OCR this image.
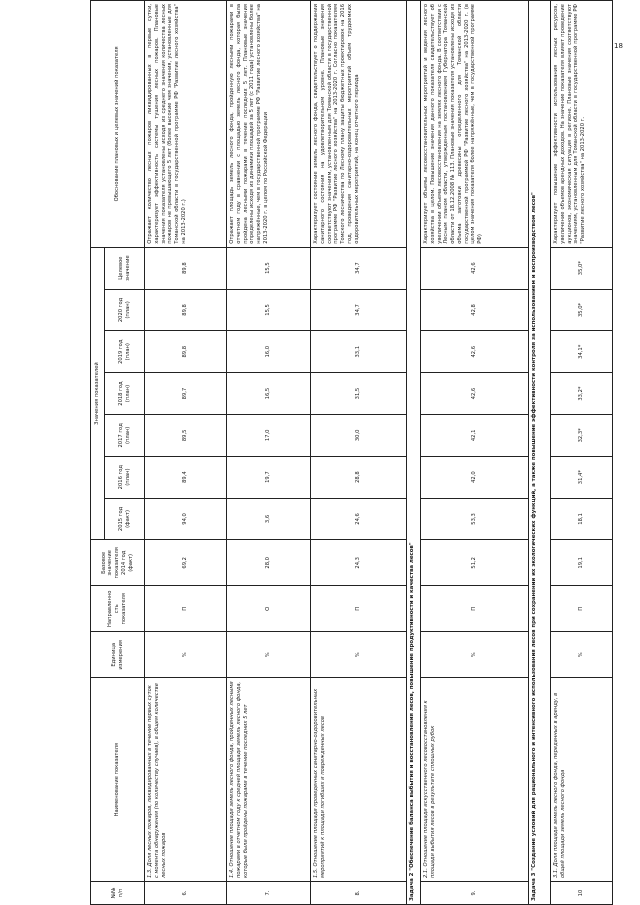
18
№№ п/п	Наименование показателя	Единица измерения	Направленность показателя	Базовое значение показателя 2014 год (факт)	Значения показателей							Обоснование плановых и целевых значений показателя
					2015 год (факт)	2016 год (план)	2017 год (план)	2018 год (план)	2019 год (план)	2020 год (план)	Целевое значение	
6.	1.3. Доля лесных пожаров, ликвидированных в течение первых суток с момента обнаружения (по количеству случаев), в общем количестве лесных пожаров	%	П	69,2	94,0	89,4	89,5	89,7	89,8	89,8	89,8	Отражает количество лесных пожаров ликвидированных в первые сутки, характеризует эффективность системы тушения лесных пожаров. Плановые значения показателя установлены исходя из среднего значения количества лесных пожаров не превышающего 5 лет (более высокие чем значения, установленные для Томанской области в государственной программе РФ "Развитие лесного хозяйства" на 2013-2020 г.)
7.	1.4. Отношение площади земель лесного фонда, пройденных лесными пожарами в отчетном году к средней площади земель лесного фонда, которые были пройдены пожарами в течение последних 5 лет	%	О	28,0	3,6	19,7	17,0	16,5	16,0	15,5	15,5	Отражает площадь земель лесного фонда, пройденную лесными пожарами в отчетном году в сравнении с площадью земель лесного фонда, которая была пройдена лесными пожарами в течение последних 5 лет. Плановые значения определены исходя из динамики площадей за 5 лет (с 2011 года) установлены более напряжённые, чем в государственной программе РФ "Развитие лесного хозяйства" на 2013-2020 г. в целом по Российской Федерации
8.	1.5. Отношение площади проведенных санитарно-оздоровительных мероприятий к площади погибших и поврежденных лесов	%	П	24,3	24,6	28,8	30,0	31,5	33,1	34,7	34,7	Характеризует состояние земель лесного фонда, свидетельствует о поддержании санитарного состояния на удовлетворительном уровне. Плановые значения соответствуют значениям, установленным для Томанской области в государственной программе РФ "Развитие лесного хозяйства" на 2013-2020 г. Согласно показателям Томского лесничества по Лесному плану защиты бюджетных проектировок на 2016 год, проведения санитарно-оздоровительных мероприятий объем трудоемких оздоровительных мероприятий, на конец отчетного периода
Задача 2 "Обеспечение баланса выбытия и восстановления лесов, повышение продуктивности и качества лесов"												
9.	2.1. Отношение площади искусственного лесовосстановления к площади выбытия лесов в результате сплошных рубок	%	П	51,2	53,3	42,0	42,1	42,6	42,6	42,8	42,6	Характеризует объемы лесовосстановительных мероприятий и ведения лесного хозяйства в целом. Повышение значения данного показателя свидетельствует об увеличении объема лесовосстановления на землях лесного фонда. В соответствии с Лесным планом области, утвержденным постановлением Губернатора Томанской области от 18.12.2008 № 113. Плановые значения показателя установлены исходя из объема заготовки древесины определенного для Томанской области государственной программой РФ "Развитие лесного хозяйства" на 2013-2020 г. (в целом значения показателя более напряжённые, чем в государственной программе РФ)
Задача 3 "Создание условий для рационального и интенсивного использования лесов при сохранении их экологических функций, а также повышение эффективности контроля за использованием и воспроизводством лесов"												
10	3.1. Доля площади земель лесного фонда, переданных в аренду, в общей площади земель лесного фонда	%	П	19,1	18,1	31,4*	32,3*	33,2*	34,1*	35,0*	35,0*	Характеризует повышение эффективности использования лесных ресурсов, увеличение объемов арендных доходов. На значение показателя влияет проведение аукционов, экономическая ситуация в регионе. Плановые значения соответствуют значениям, установленным для Томанской области в государственной программе РФ "Развитие лесного хозяйства" на 2013-2020 г.
